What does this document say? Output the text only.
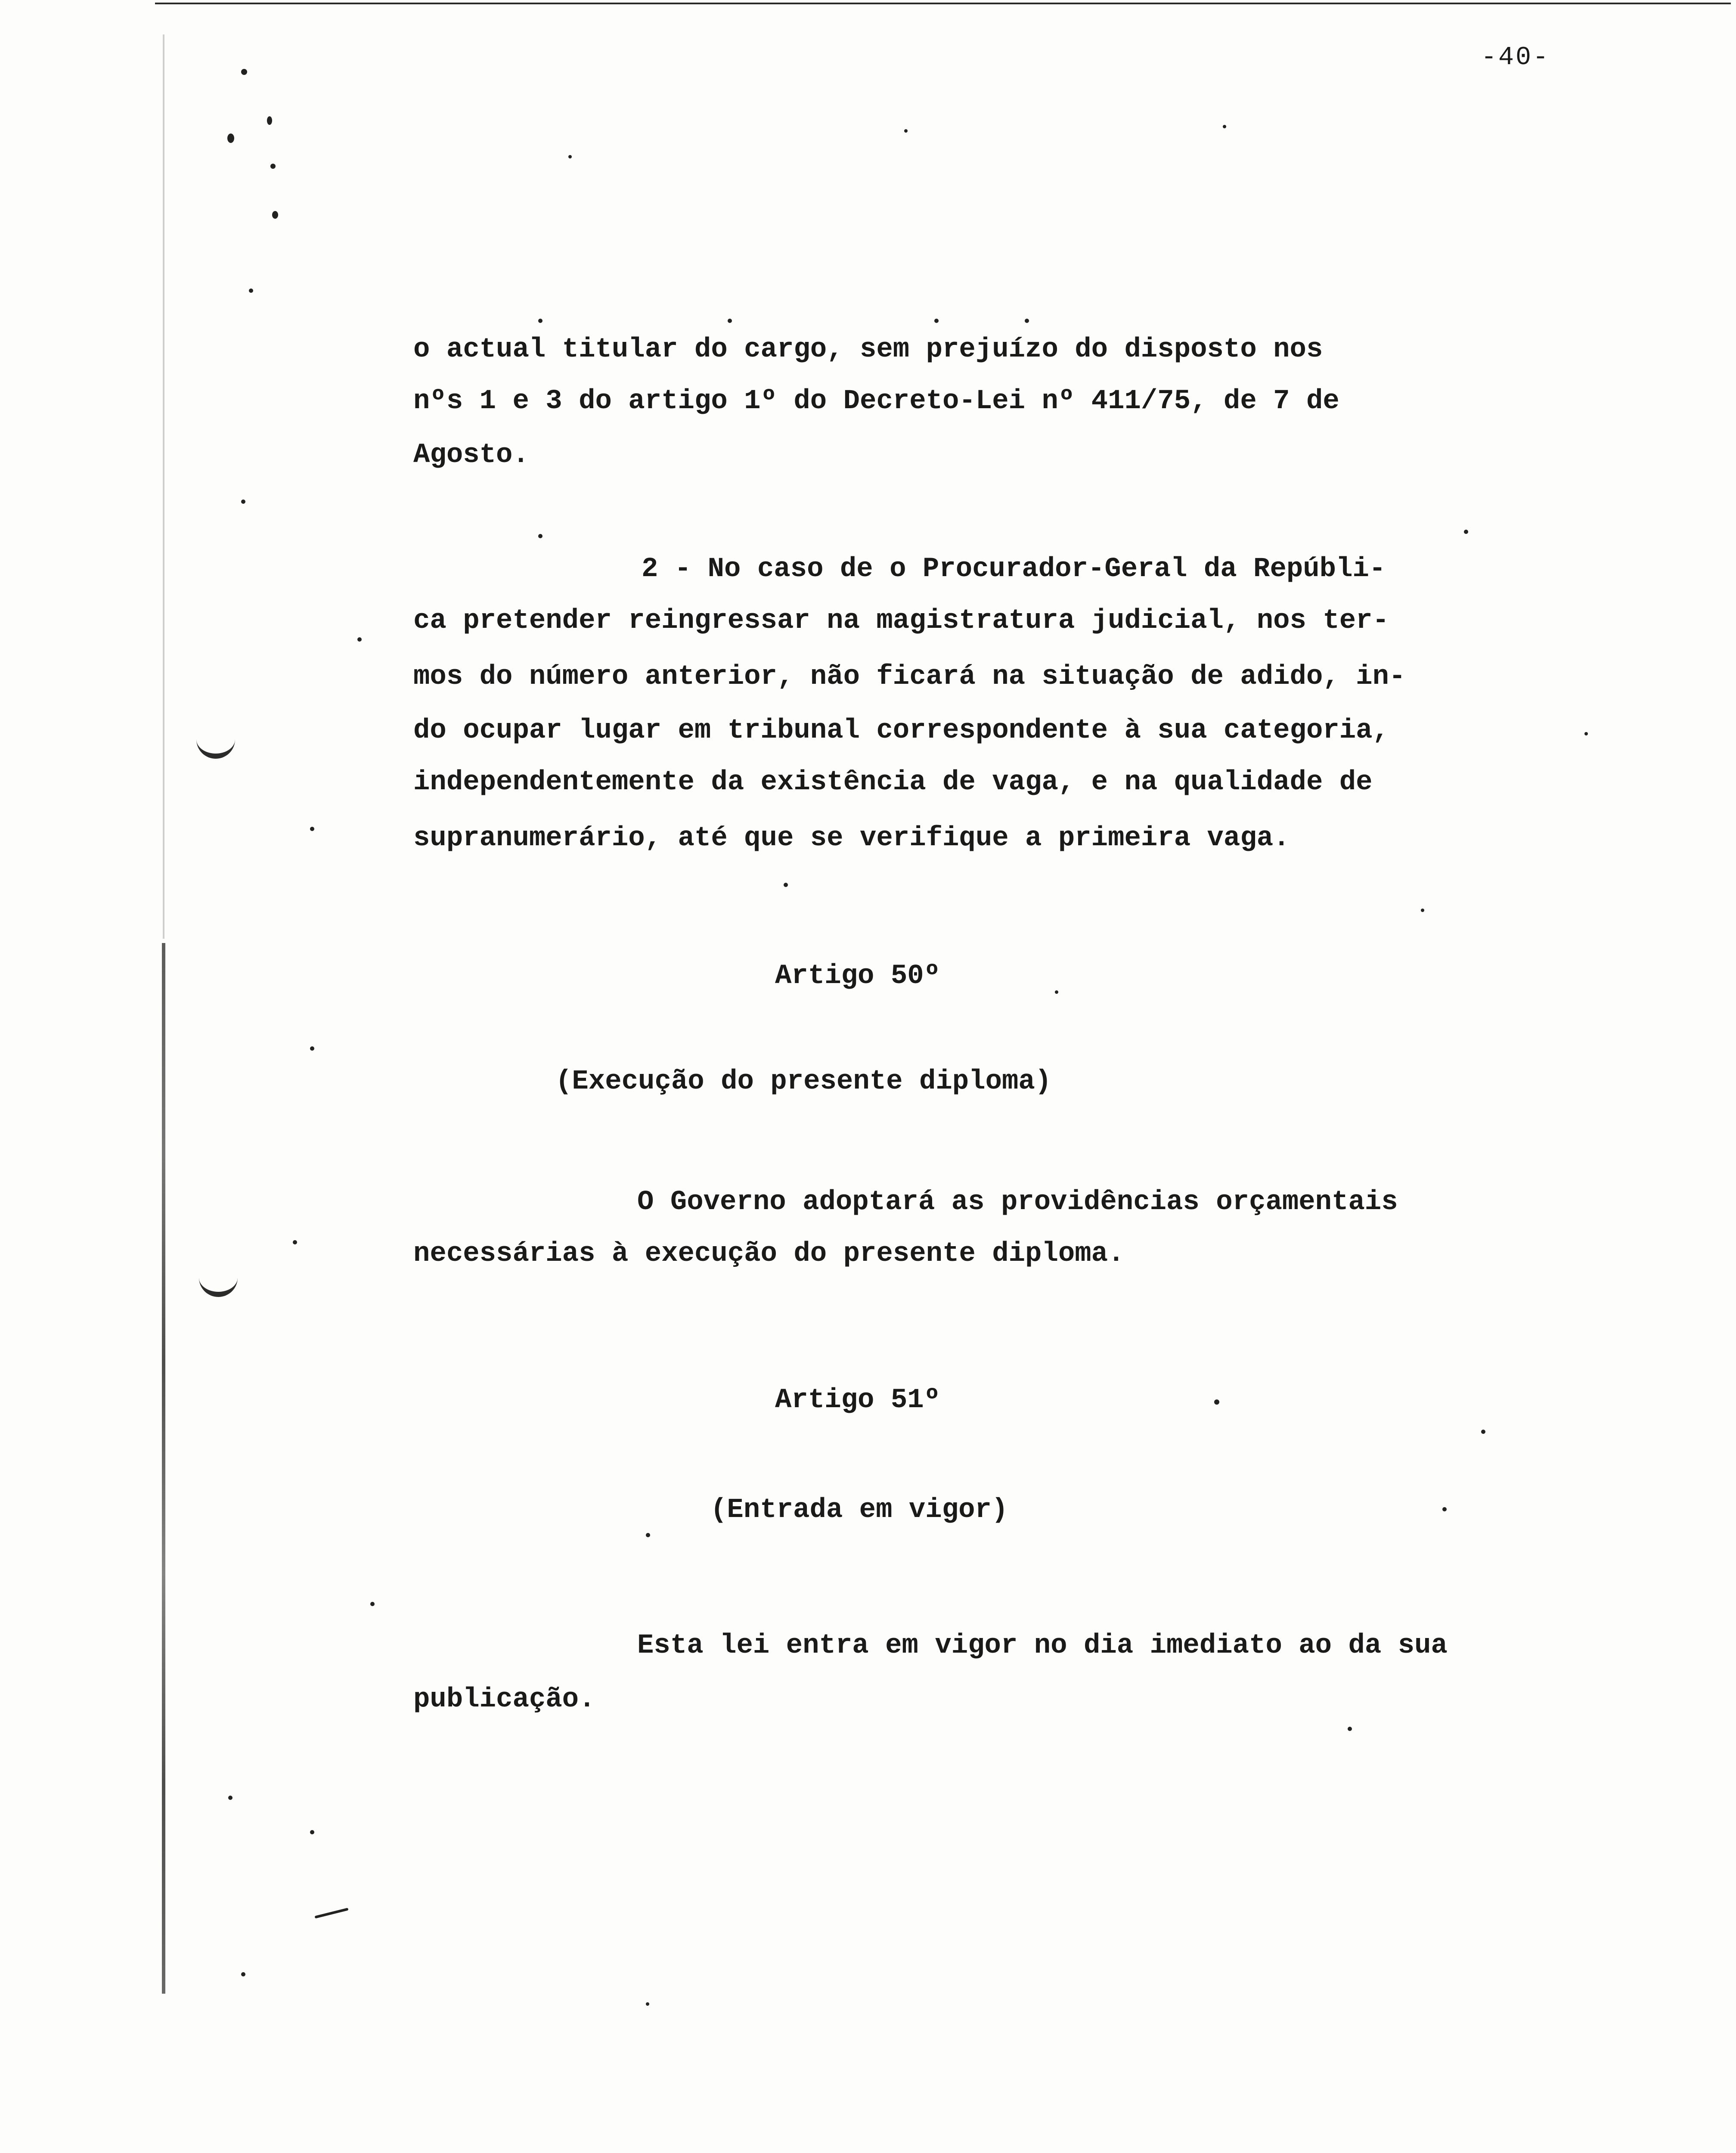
-40-
o actual titular do cargo, sem prejuízo do disposto nos
nºs 1 e 3 do artigo 1º do Decreto-Lei nº 411/75, de 7 de
Agosto.
2 - No caso de o Procurador-Geral da Repúbli-
ca pretender reingressar na magistratura judicial, nos ter-
mos do número anterior, não ficará na situação de adido, in-
do ocupar lugar em tribunal correspondente à sua categoria,
independentemente da existência de vaga, e na qualidade de
supranumerário, até que se verifique a primeira vaga.
Artigo 50º
(Execução do presente diploma)
O Governo adoptará as providências orçamentais
necessárias à execução do presente diploma.
Artigo 51º
(Entrada em vigor)
Esta lei entra em vigor no dia imediato ao da sua
publicação.
